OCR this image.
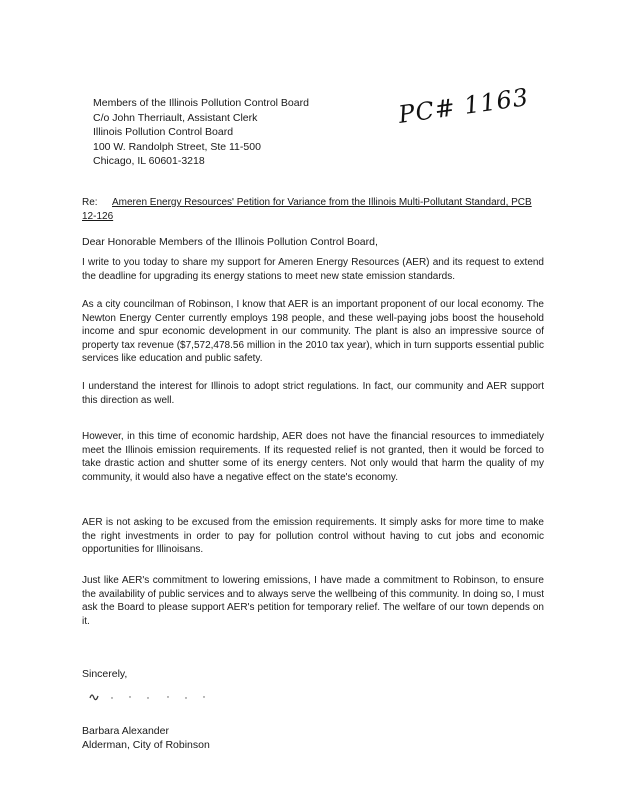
Members of the Illinois Pollution Control Board
C/o John Therriault, Assistant Clerk
Illinois Pollution Control Board
100 W. Randolph Street, Ste 11-500
Chicago, IL 60601-3218
PC# 1163
Re: Ameren Energy Resources' Petition for Variance from the Illinois Multi-Pollutant Standard, PCB
12-126
Dear Honorable Members of the Illinois Pollution Control Board,

I write to you today to share my support for Ameren Energy Resources (AER) and its request to extend the deadline for upgrading its energy stations to meet new state emission standards.

As a city councilman of Robinson, I know that AER is an important proponent of our local economy. The Newton Energy Center currently employs 198 people, and these well-paying jobs boost the household income and spur economic development in our community. The plant is also an impressive source of property tax revenue ($7,572,478.56 million in the 2010 tax year), which in turn supports essential public services like education and public safety.

I understand the interest for Illinois to adopt strict regulations. In fact, our community and AER support this direction as well.

However, in this time of economic hardship, AER does not have the financial resources to immediately meet the Illinois emission requirements. If its requested relief is not granted, then it would be forced to take drastic action and shutter some of its energy centers. Not only would that harm the quality of my community, it would also have a negative effect on the state's economy.

AER is not asking to be excused from the emission requirements. It simply asks for more time to make the right investments in order to pay for pollution control without having to cut jobs and economic opportunities for Illinoisans.

Just like AER's commitment to lowering emissions, I have made a commitment to Robinson, to ensure the availability of public services and to always serve the wellbeing of this community. In doing so, I must ask the Board to please support AER's petition for temporary relief. The welfare of our town depends on it.

Sincerely,
Barbara Alexander
Alderman, City of Robinson
